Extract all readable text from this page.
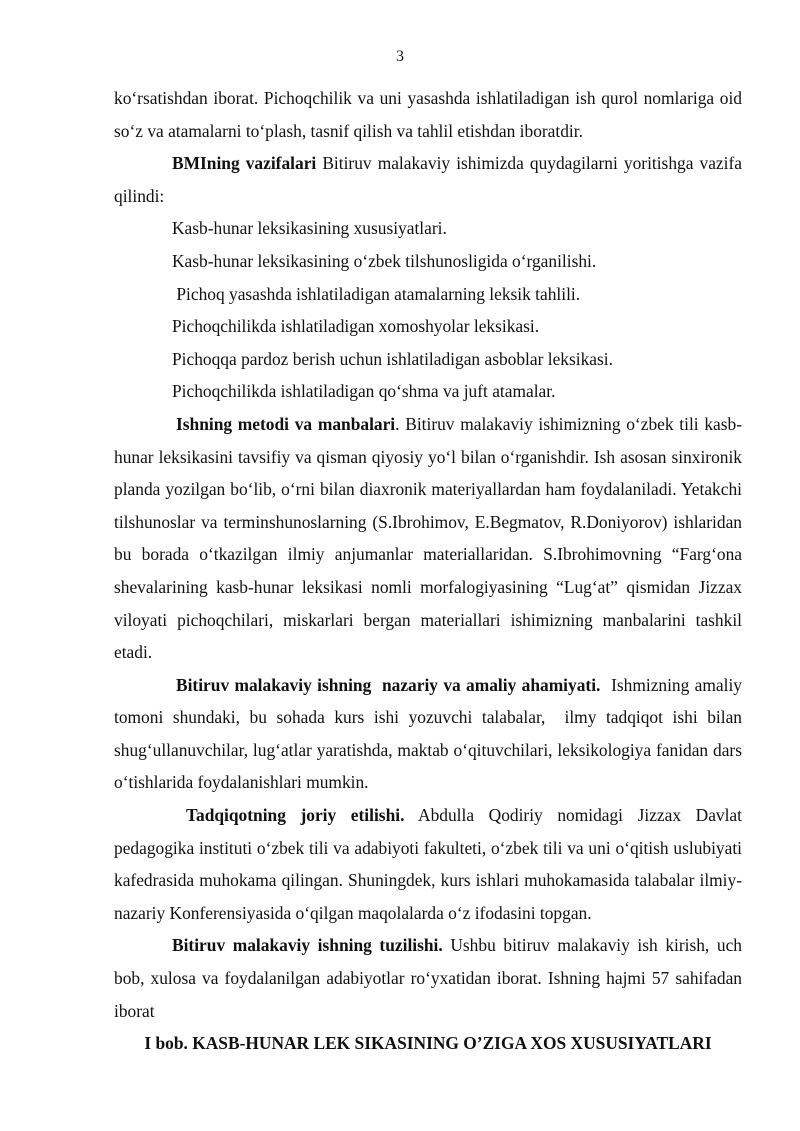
3

ko‘rsatishdan iborat. Pichoqchilik va uni yasashda ishlatiladigan ish qurol nomlariga oid so‘z va atamalarni to‘plash, tasnif qilish va tahlil etishdan iboratdir.

BMIning vazifalari Bitiruv malakaviy ishimizda quydagilarni yoritishga vazifa qilindi:

Kasb-hunar leksikasining xususiyatlari.

Kasb-hunar leksikasining o‘zbek tilshunosligida o‘rganilishi.

Pichoq yasashda ishlatiladigan atamalarning leksik tahlili.

Pichoqchilikda ishlatiladigan xomoshyolar leksikasi.

Pichoqqa pardoz berish uchun ishlatiladigan asboblar leksikasi.

Pichoqchilikda ishlatiladigan qo‘shma va juft atamalar.

Ishning metodi va manbalari. Bitiruv malakaviy ishimizning o‘zbek tili kasb-hunar leksikasini tavsifiy va qisman qiyosiy yo‘l bilan o‘rganishdir. Ish asosan sinxironik planda yozilgan bo‘lib, o‘rni bilan diaxronik materiyallardan ham foydalaniladi. Yetakchi tilshunoslar va terminshunoslarning (S.Ibrohimov, E.Begmatov, R.Doniyorov) ishlaridan bu borada o‘tkazilgan ilmiy anjumanlar materiallaridan. S.Ibrohimovning “Farg‘ona shevalarining kasb-hunar leksikasi nomli morfalogiyasining “Lug‘at” qismidan Jizzax viloyati pichoqchilari, miskarlari bergan materiallari ishimizning manbalarini tashkil etadi.

Bitiruv malakaviy ishning  nazariy va amaliy ahamiyati.  Ishmizning amaliy tomoni shundaki, bu sohada kurs ishi yozuvchi talabalar,  ilmy tadqiqot ishi bilan shug‘ullanuvchilar, lug‘atlar yaratishda, maktab o‘qituvchilari, leksikologiya fanidan dars o‘tishlarida foydalanishlari mumkin.

Tadqiqotning joriy etilishi. Abdulla Qodiriy nomidagi Jizzax Davlat pedagogika instituti o‘zbek tili va adabiyoti fakulteti, o‘zbek tili va uni o‘qitish uslubiyati kafedrasida muhokama qilingan. Shuningdek, kurs ishlari muhokamasida talabalar ilmiy-nazariy Konferensiyasida o‘qilgan maqolalarda o‘z ifodasini topgan.

Bitiruv malakaviy ishning tuzilishi. Ushbu bitiruv malakaviy ish kirish, uch bob, xulosa va foydalanilgan adabiyotlar ro‘yxatidan iborat. Ishning hajmi 57 sahifadan iborat

I bob. KASB-HUNAR LEK SIKASINING O’ZIGA XOS XUSUSIYATLARI
